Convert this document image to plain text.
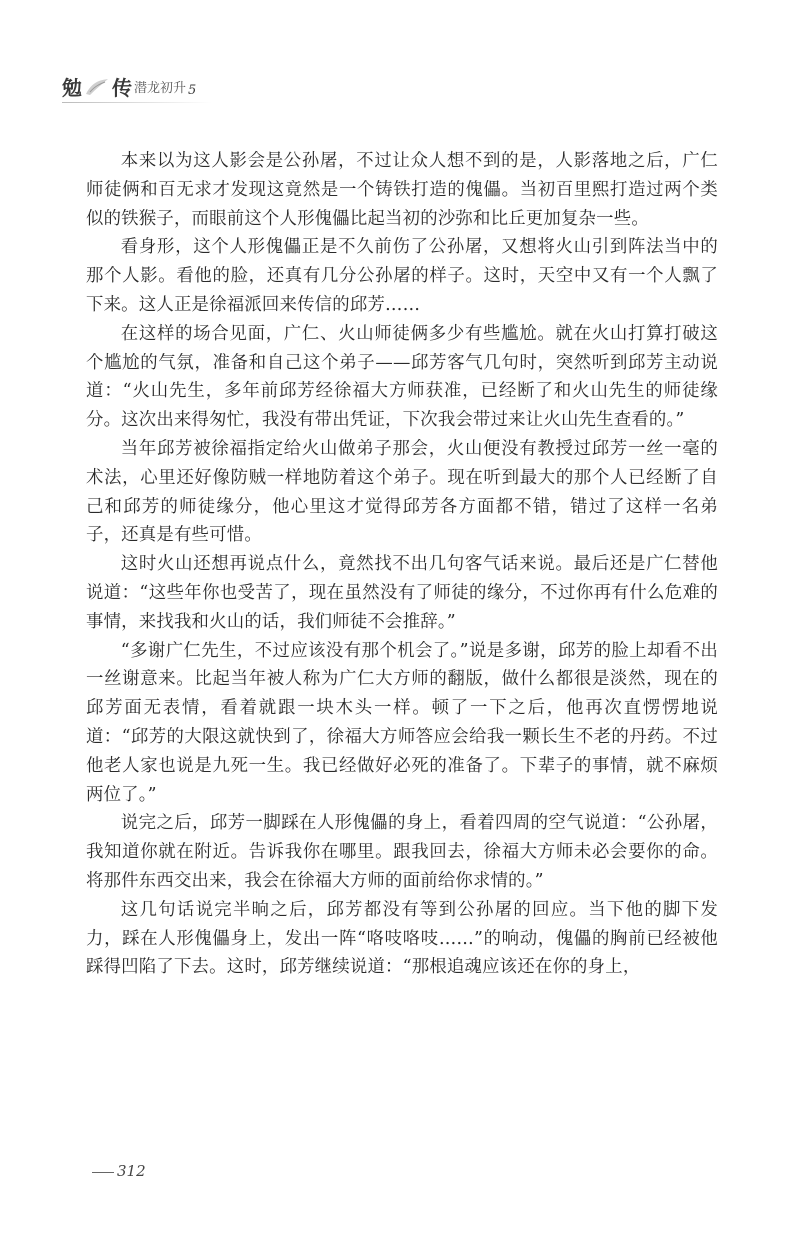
勉 传 潜龙初升 5

本来以为这人影会是公孙屠，不过让众人想不到的是，人影落地之后，广仁师徒俩和百无求才发现这竟然是一个铸铁打造的傀儡。当初百里熙打造过两个类似的铁猴子，而眼前这个人形傀儡比起当初的沙弥和比丘更加复杂一些。

看身形，这个人形傀儡正是不久前伤了公孙屠，又想将火山引到阵法当中的那个人影。看他的脸，还真有几分公孙屠的样子。这时，天空中又有一个人飘了下来。这人正是徐福派回来传信的邱芳……

在这样的场合见面，广仁、火山师徒俩多少有些尴尬。就在火山打算打破这个尴尬的气氛，准备和自己这个弟子——邱芳客气几句时，突然听到邱芳主动说道：“火山先生，多年前邱芳经徐福大方师获准，已经断了和火山先生的师徒缘分。这次出来得匆忙，我没有带出凭证，下次我会带过来让火山先生查看的。”

当年邱芳被徐福指定给火山做弟子那会，火山便没有教授过邱芳一丝一毫的术法，心里还好像防贼一样地防着这个弟子。现在听到最大的那个人已经断了自己和邱芳的师徒缘分，他心里这才觉得邱芳各方面都不错，错过了这样一名弟子，还真是有些可惜。

这时火山还想再说点什么，竟然找不出几句客气话来说。最后还是广仁替他说道：“这些年你也受苦了，现在虽然没有了师徒的缘分，不过你再有什么危难的事情，来找我和火山的话，我们师徒不会推辞。”

“多谢广仁先生，不过应该没有那个机会了。”说是多谢，邱芳的脸上却看不出一丝谢意来。比起当年被人称为广仁大方师的翻版，做什么都很是淡然，现在的邱芳面无表情，看着就跟一块木头一样。顿了一下之后，他再次直愣愣地说道：“邱芳的大限这就快到了，徐福大方师答应会给我一颗长生不老的丹药。不过他老人家也说是九死一生。我已经做好必死的准备了。下辈子的事情，就不麻烦两位了。”

说完之后，邱芳一脚踩在人形傀儡的身上，看着四周的空气说道：“公孙屠，我知道你就在附近。告诉我你在哪里。跟我回去，徐福大方师未必会要你的命。将那件东西交出来，我会在徐福大方师的面前给你求情的。”

这几句话说完半晌之后，邱芳都没有等到公孙屠的回应。当下他的脚下发力，踩在人形傀儡身上，发出一阵“咯吱咯吱……”的响动，傀儡的胸前已经被他踩得凹陷了下去。这时，邱芳继续说道：“那根追魂应该还在你的身上，

312
